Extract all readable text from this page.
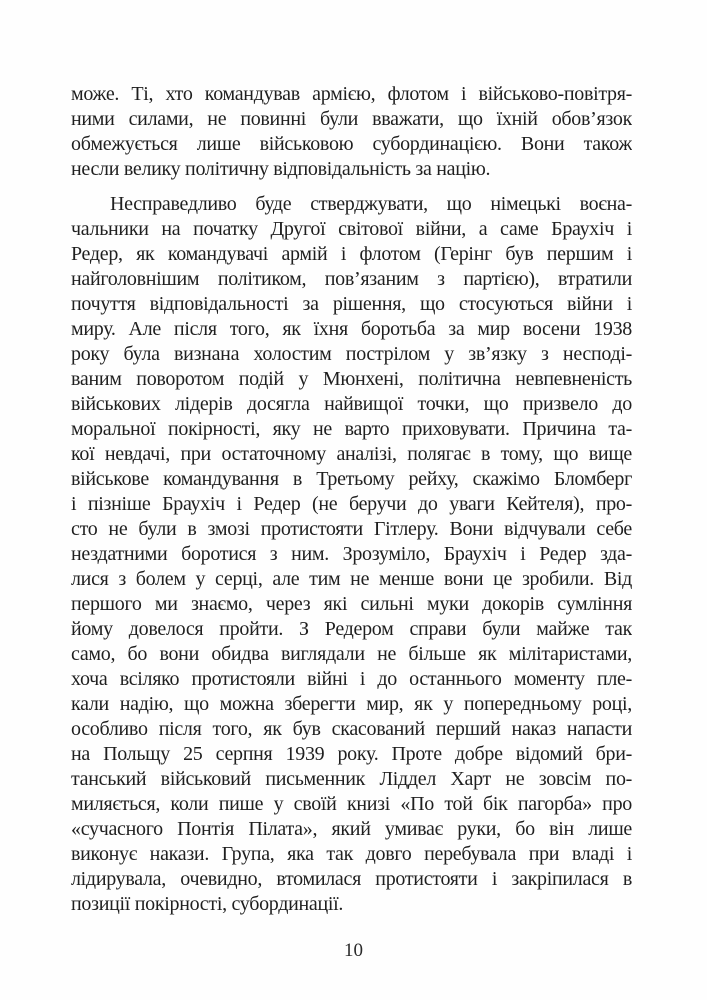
може. Ті, хто командував армією, флотом і військово-повітря-
ними силами, не повинні були вважати, що їхній обов’язок
обмежується лише військовою субординацією. Вони також
несли велику політичну відповідальність за націю.
Несправедливо буде стверджувати, що німецькі воєна-
чальники на початку Другої світової війни, а саме Браухіч і
Редер, як командувачі армій і флотом (Герінг був першим і
найголовнішим політиком, пов’язаним з партією), втратили
почуття відповідальності за рішення, що стосуються війни і
миру. Але після того, як їхня боротьба за мир восени 1938
року була визнана холостим пострілом у зв’язку з несподі-
ваним поворотом подій у Мюнхені, політична невпевненість
військових лідерів досягла найвищої точки, що призвело до
моральної покірності, яку не варто приховувати. Причина та-
кої невдачі, при остаточному аналізі, полягає в тому, що вище
військове командування в Третьому рейху, скажімо Бломберг
і пізніше Браухіч і Редер (не беручи до уваги Кейтеля), про-
сто не були в змозі протистояти Гітлеру. Вони відчували себе
нездатними боротися з ним. Зрозуміло, Браухіч і Редер зда-
лися з болем у серці, але тим не менше вони це зробили. Від
першого ми знаємо, через які сильні муки докорів сумління
йому довелося пройти. З Редером справи були майже так
само, бо вони обидва виглядали не більше як мілітаристами,
хоча всіляко протистояли війні і до останнього моменту пле-
кали надію, що можна зберегти мир, як у попередньому році,
особливо після того, як був скасований перший наказ напасти
на Польщу 25 серпня 1939 року. Проте добре відомий бри-
танський військовий письменник Ліддел Харт не зовсім по-
миляється, коли пише у своїй книзі «По той бік пагорба» про
«сучасного Понтія Пілата», який умиває руки, бо він лише
виконує накази. Група, яка так довго перебувала при владі і
лідирувала, очевидно, втомилася протистояти і закріпилася в
позиції покірності, субординації.
10
